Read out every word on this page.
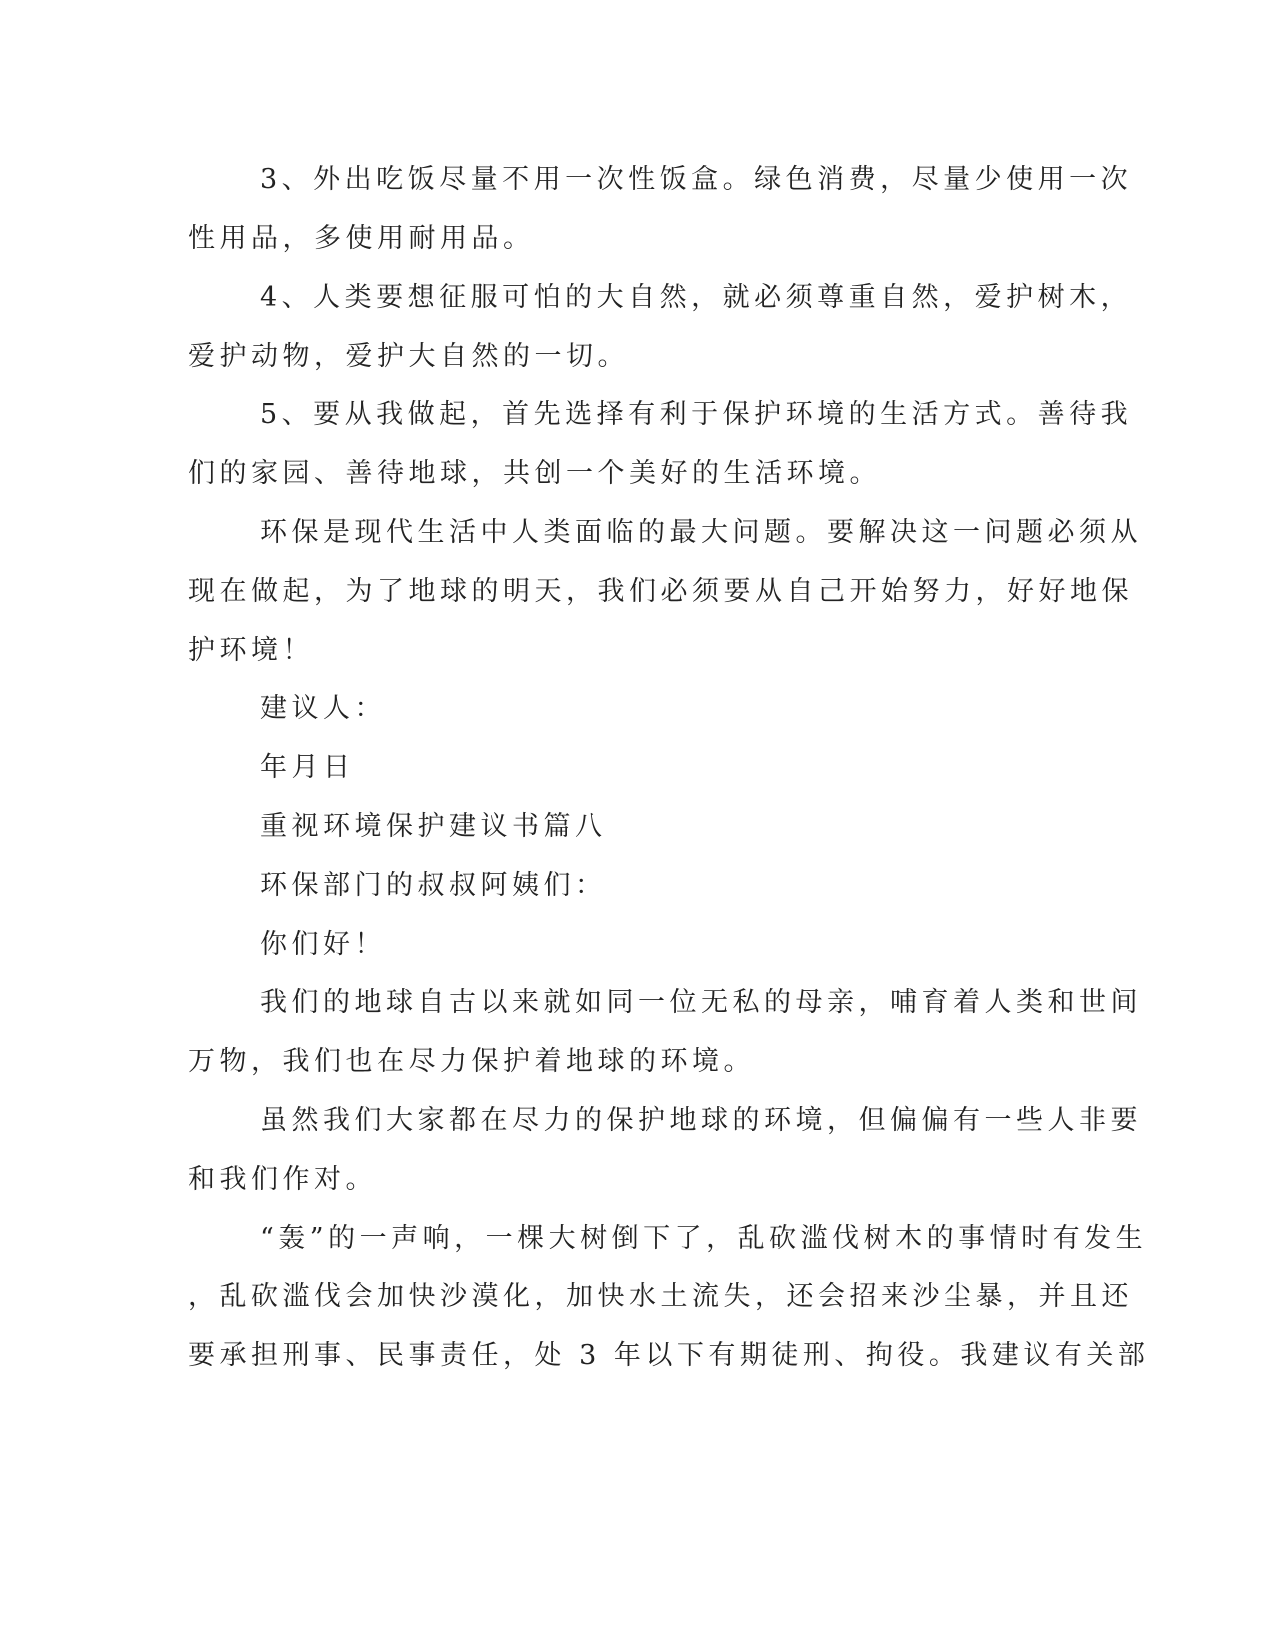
3、外出吃饭尽量不用一次性饭盒。绿色消费，尽量少使用一次
性用品，多使用耐用品。
4、人类要想征服可怕的大自然，就必须尊重自然，爱护树木，
爱护动物，爱护大自然的一切。
5、要从我做起，首先选择有利于保护环境的生活方式。善待我
们的家园、善待地球，共创一个美好的生活环境。
环保是现代生活中人类面临的最大问题。要解决这一问题必须从
现在做起，为了地球的明天，我们必须要从自己开始努力，好好地保
护环境！
建议人：
年月日
重视环境保护建议书篇八
环保部门的叔叔阿姨们：
你们好！
我们的地球自古以来就如同一位无私的母亲，哺育着人类和世间
万物，我们也在尽力保护着地球的环境。
虽然我们大家都在尽力的保护地球的环境，但偏偏有一些人非要
和我们作对。
“轰”的一声响，一棵大树倒下了，乱砍滥伐树木的事情时有发生
，乱砍滥伐会加快沙漠化，加快水土流失，还会招来沙尘暴，并且还
要承担刑事、民事责任，处 3 年以下有期徒刑、拘役。我建议有关部
